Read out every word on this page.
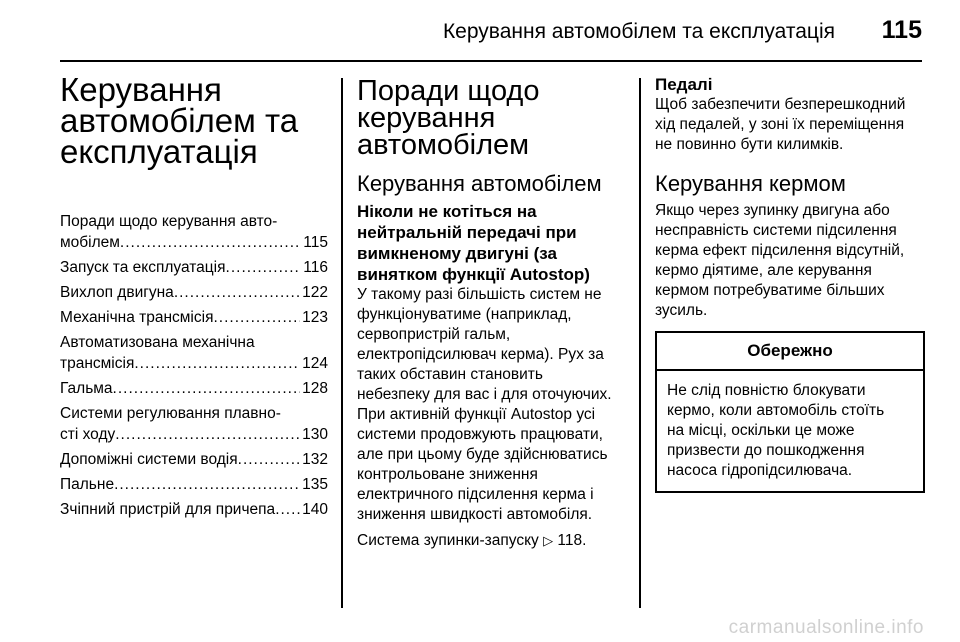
Керування автомобілем та експлуатація 115
Керування
автомобілем та
експлуатація
Поради щодо керування авто-
мобілем .....	115
Запуск та експлуатація .....	116
Вихлоп двигуна .....	122
Механічна трансмісія .....	123
Автоматизована механічна
трансмісія .....	124
Гальма .....	128
Системи регулювання плавно-
сті ходу .....	130
Допоміжні системи водія .....	132
Пальне .....	135
Зчіпний пристрій для причепа ..... 140
Поради щодо
керування
автомобілем
Керування автомобілем
Ніколи не котіться на
нейтральній передачі при
вимкненому двигуні (за
винятком функції Autostop)

У такому разі більшість систем не
функціонуватиме (наприклад,
сервопристрій гальм,
електропідсилювач керма). Рух за
таких обставин становить
небезпеку для вас і для оточуючих.
При активній функції Autostop усі
системи продовжують працювати,
але при цьому буде здійснюватись
контрольоване зниження
електричного підсилення керма і
зниження швидкості автомобіля.

Система зупинки-запуску ▷ 118.

Педалі

Щоб забезпечити безперешкодний
хід педалей, у зоні їх переміщення
не повинно бути килимків.

Керування кермом

Якщо через зупинку двигуна або
несправність системи підсилення
керма ефект підсилення відсутній,
кермо діятиме, але керування
кермом потребуватиме більших
зусиль.

Обережно

Не слід повністю блокувати
кермо, коли автомобіль стоїть
на місці, оскільки це може
призвести до пошкодження
насоса гідропідсилювача.

carmanualsonline.info
